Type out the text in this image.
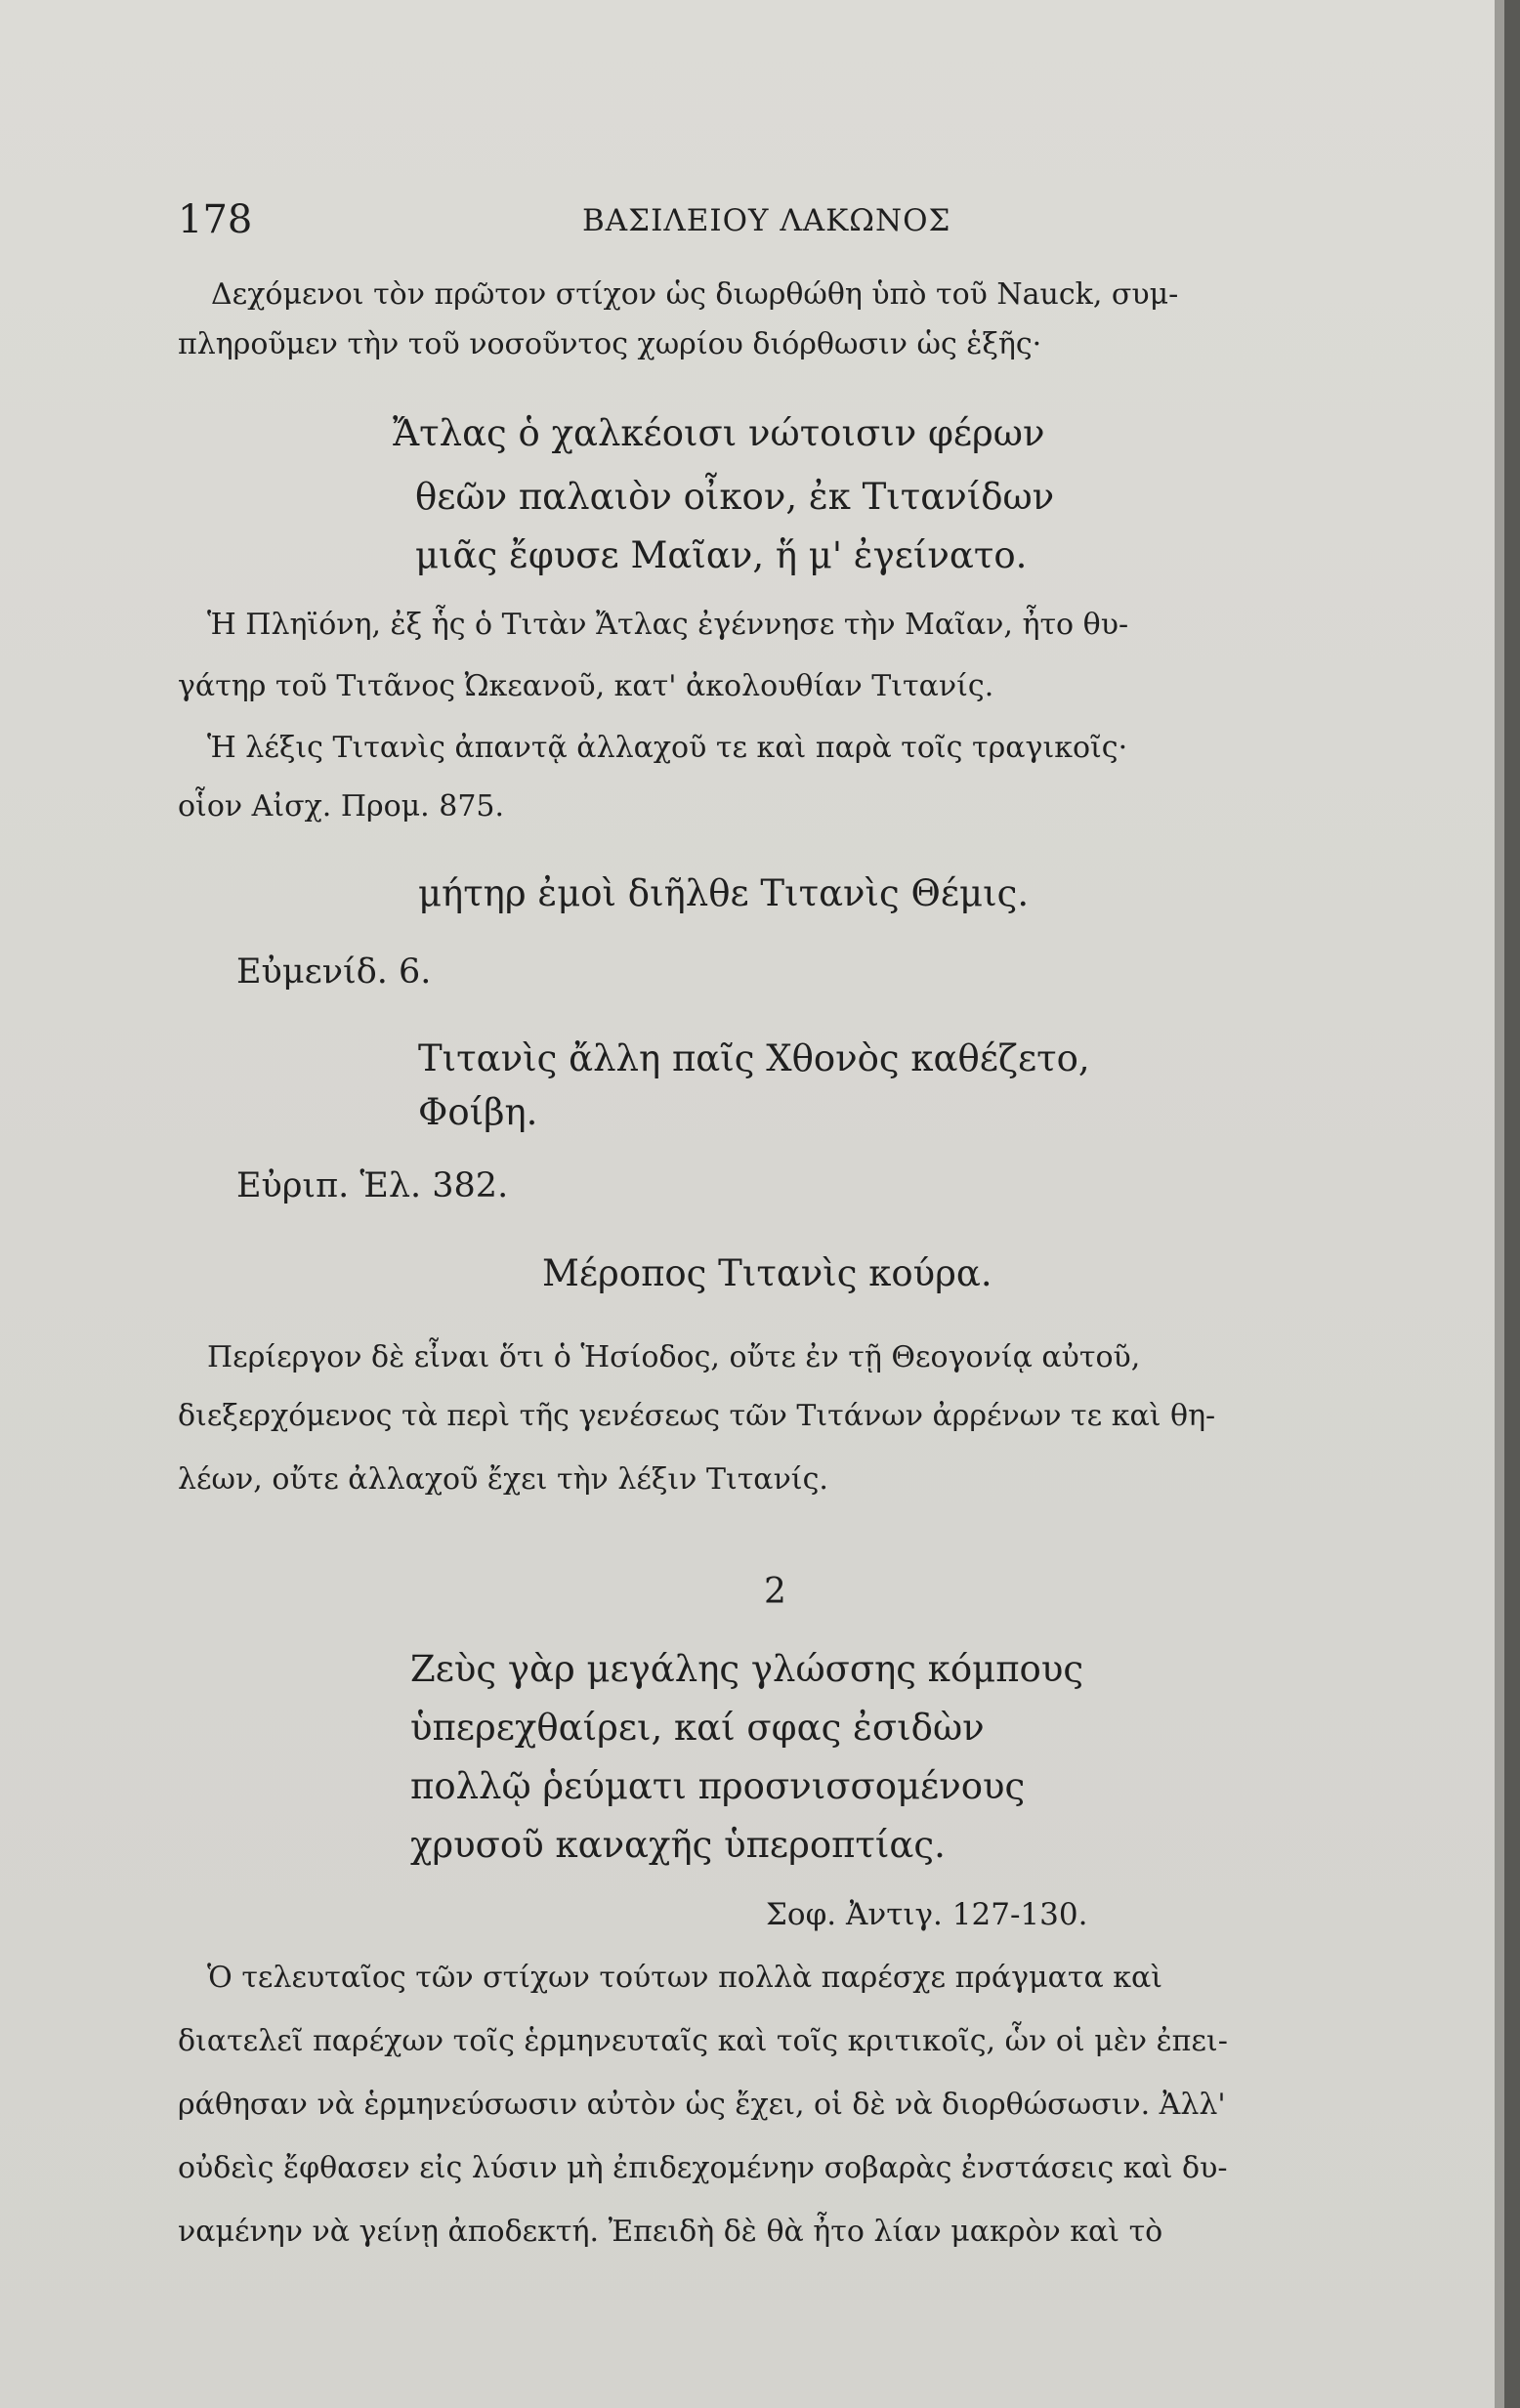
178	ΒΑΣΙΛΕΙΟΥ ΛΑΚΩΝΟΣ
Δεχόμενοι τὸν πρῶτον στίχον ὡς διωρθώθη ὑπὸ τοῦ Nauck, συμ-
πληροῦμεν τὴν τοῦ νοσοῦντος χωρίου διόρθωσιν ὡς ἑξῆς·
Ἄτλας ὁ χαλκέοισι νώτοισιν φέρων
θεῶν παλαιὸν οἶκον, ἐκ Τιτανίδων
μιᾶς ἔφυσε Μαῖαν, ἥ μ' ἐγείνατο.
Ἡ Πληϊόνη, ἐξ ἧς ὁ Τιτὰν Ἄτλας ἐγέννησε τὴν Μαῖαν, ἦτο θυ-
γάτηρ τοῦ Τιτᾶνος Ὠκεανοῦ, κατ' ἀκολουθίαν Τιτανίς.
Ἡ λέξις Τιτανὶς ἀπαντᾷ ἀλλαχοῦ τε καὶ παρὰ τοῖς τραγικοῖς·
οἷον Αἰσχ. Προμ. 875.
μήτηρ ἐμοὶ διῆλθε Τιτανὶς Θέμις.
Εὐμενίδ. 6.
Τιτανὶς ἄλλη παῖς Χθονὸς καθέζετο,
Φοίβη.
Εὐριπ. Ἑλ. 382.
Μέροπος Τιτανὶς κούρα.
Περίεργον δὲ εἶναι ὅτι ὁ Ἡσίοδος, οὔτε ἐν τῇ Θεογονίᾳ αὐτοῦ,
διεξερχόμενος τὰ περὶ τῆς γενέσεως τῶν Τιτάνων ἀρρένων τε καὶ θη-
λέων, οὔτε ἀλλαχοῦ ἔχει τὴν λέξιν Τιτανίς.
2
Ζεὺς γὰρ μεγάλης γλώσσης κόμπους
ὑπερεχθαίρει, καί σφας ἐσιδὼν
πολλῷ ῥεύματι προσνισσομένους
χρυσοῦ καναχῆς ὑπεροπτίας.
Σοφ. Ἀντιγ. 127-130.
Ὁ τελευταῖος τῶν στίχων τούτων πολλὰ παρέσχε πράγματα καὶ
διατελεῖ παρέχων τοῖς ἑρμηνευταῖς καὶ τοῖς κριτικοῖς, ὧν οἱ μὲν ἐπει-
ράθησαν νὰ ἑρμηνεύσωσιν αὐτὸν ὡς ἔχει, οἱ δὲ νὰ διορθώσωσιν. Ἀλλ'
οὐδεὶς ἔφθασεν εἰς λύσιν μὴ ἐπιδεχομένην σοβαρὰς ἐνστάσεις καὶ δυ-
ναμένην νὰ γείνῃ ἀποδεκτή. Ἐπειδὴ δὲ θὰ ἦτο λίαν μακρὸν καὶ τὸ
